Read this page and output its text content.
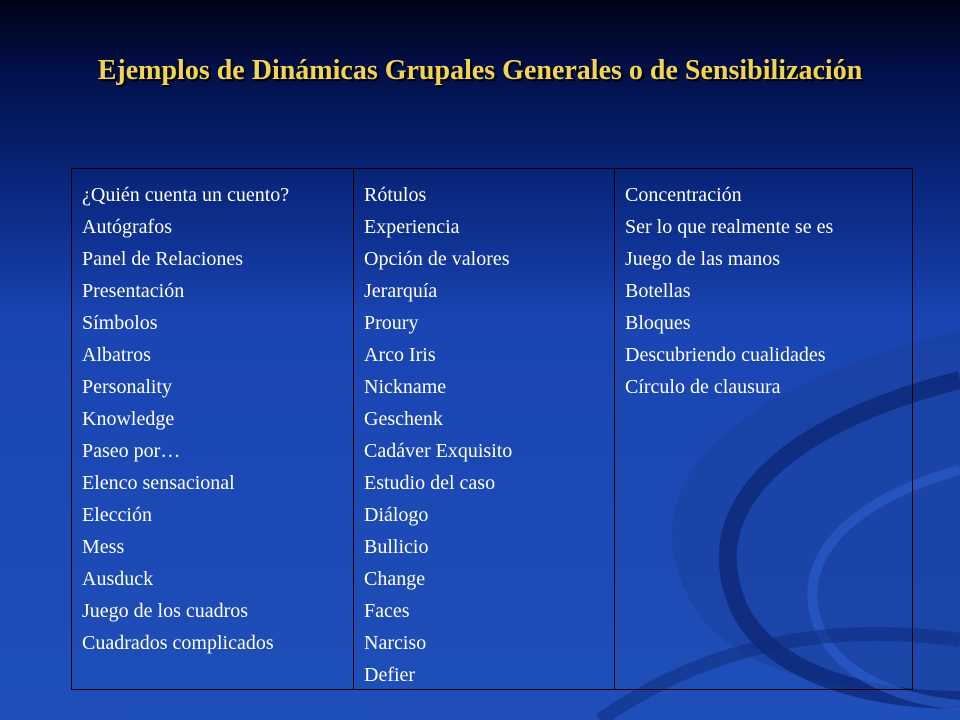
Ejemplos de Dinámicas Grupales Generales o de Sensibilización
¿Quién cuenta un cuento?
Autógrafos
Panel de Relaciones
Presentación
Símbolos
Albatros
Personality
Knowledge
Paseo por…
Elenco sensacional
Elección
Mess
Ausduck
Juego de los cuadros
Cuadrados complicados
Rótulos
Experiencia
Opción de valores
Jerarquía
Proury
Arco Iris
Nickname
Geschenk
Cadáver Exquisito
Estudio del caso
Diálogo
Bullicio
Change
Faces
Narciso
Defier
Concentración
Ser lo que realmente se es
Juego de las manos
Botellas
Bloques
Descubriendo cualidades
Círculo de clausura
